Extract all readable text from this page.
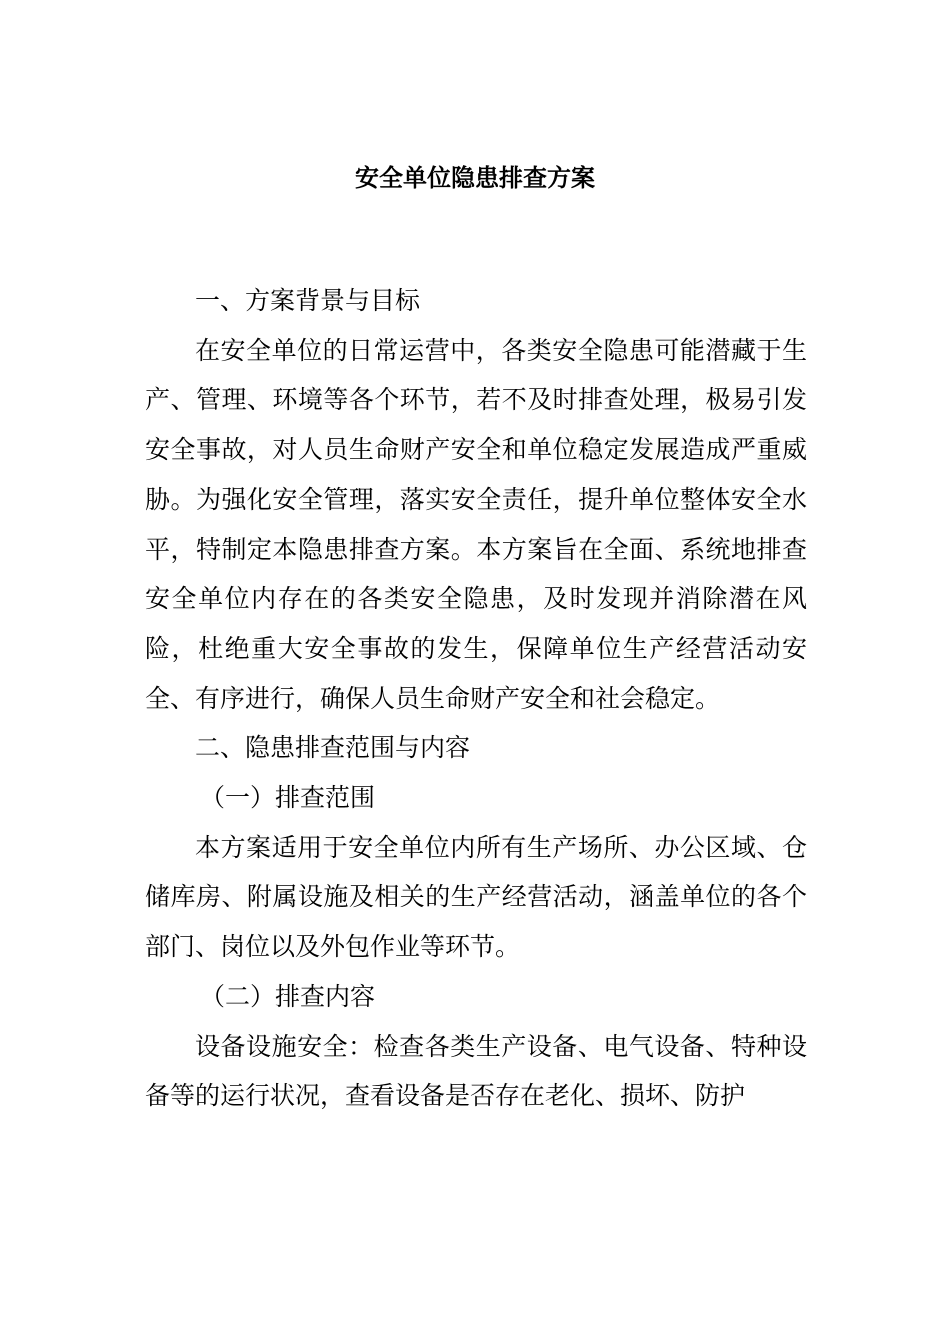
安全单位隐患排查方案

一、方案背景与目标

在安全单位的日常运营中，各类安全隐患可能潜藏于生产、管理、环境等各个环节，若不及时排查处理，极易引发安全事故，对人员生命财产安全和单位稳定发展造成严重威胁。为强化安全管理，落实安全责任，提升单位整体安全水平，特制定本隐患排查方案。本方案旨在全面、系统地排查安全单位内存在的各类安全隐患，及时发现并消除潜在风险，杜绝重大安全事故的发生，保障单位生产经营活动安全、有序进行，确保人员生命财产安全和社会稳定。

二、隐患排查范围与内容

（一）排查范围

本方案适用于安全单位内所有生产场所、办公区域、仓储库房、附属设施及相关的生产经营活动，涵盖单位的各个部门、岗位以及外包作业等环节。

（二）排查内容

设备设施安全：检查各类生产设备、电气设备、特种设备等的运行状况，查看设备是否存在老化、损坏、防护
